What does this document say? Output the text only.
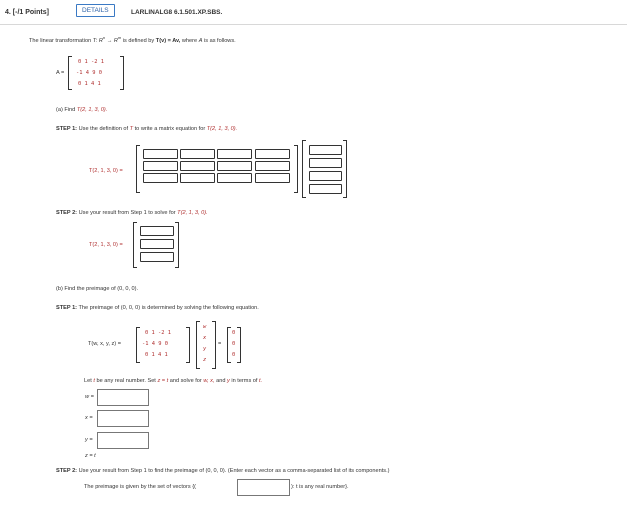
4. [-/1 Points]	DETAILS	LARLINALG8 6.1.501.XP.SBS.
The linear transformation T: $R^n \to R^m$ is defined by T(v) = Av, where A is as follows.
A =
0 1 -2 1
-1 4 9 0
0 1 4 1
(a) Find T(2, 1, 3, 0).
STEP 1: Use the definition of T to write a matrix equation for T(2, 1, 3, 0).
T(2, 1, 3, 0) =
STEP 2: Use your result from Step 1 to solve for T(2, 1, 3, 0).
T(2, 1, 3, 0) =
(b) Find the preimage of (0, 0, 0).
STEP 1: The preimage of (0, 0, 0) is determined by solving the following equation.
T(w, x, y, z) =
0 1 -2 1
-1 4 9 0
0 1 4 1
w
x
y
z
=
0
0
0
Let t be any real number. Set z = t and solve for w, x, and y in terms of t.
w =
x =
y =
z = t
STEP 2: Use your result from Step 1 to find the preimage of (0, 0, 0). (Enter each vector as a comma-separated list of its components.)
The preimage is given by the set of vectors {(	): t is any real number}.
